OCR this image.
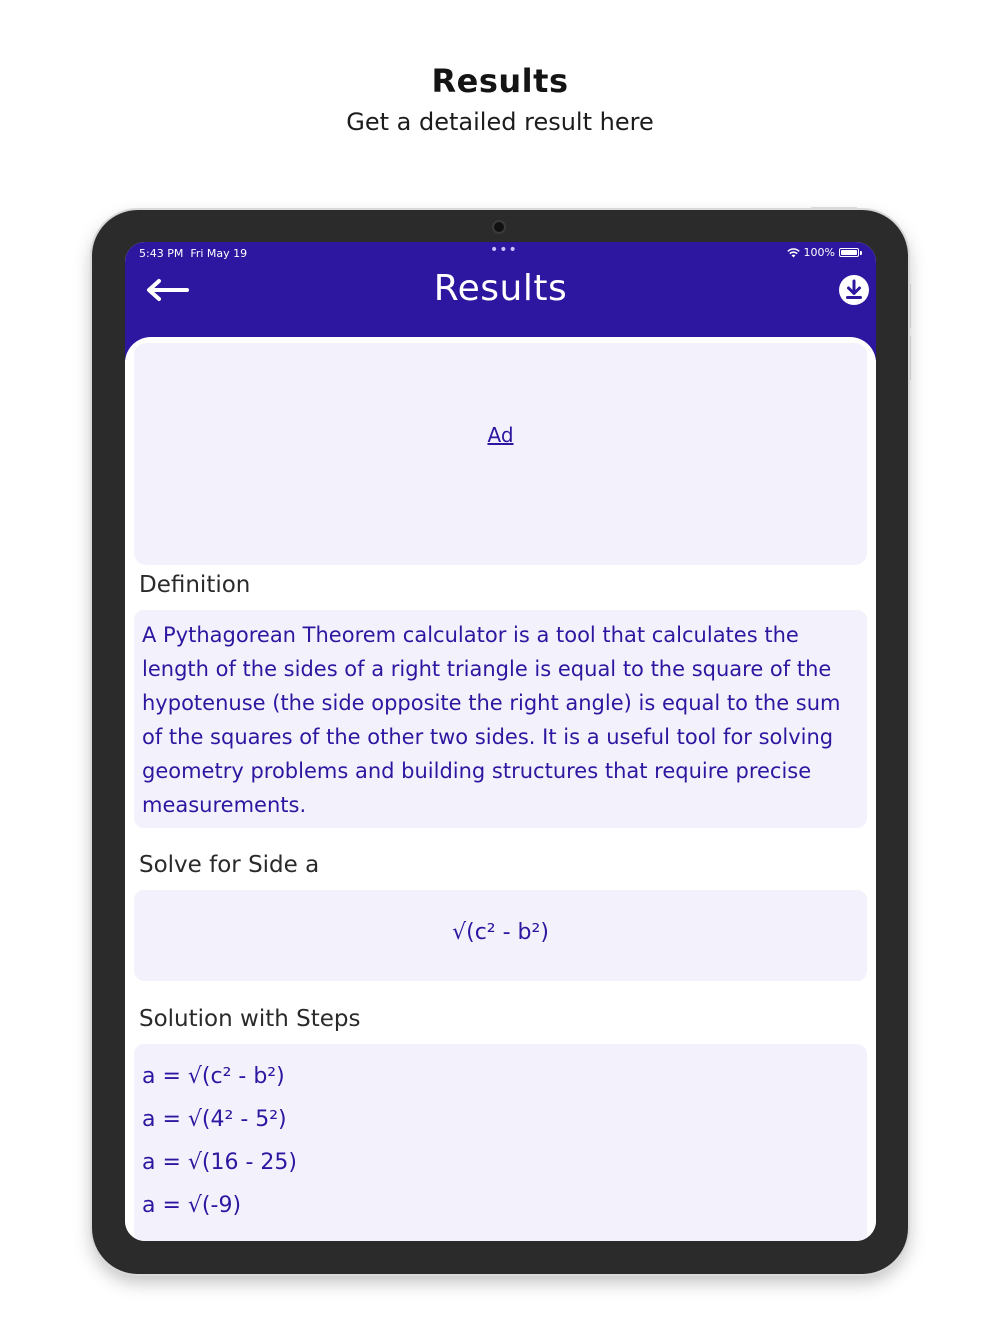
Results
Get a detailed result here
5:43 PM Fri May 19	•••	100%
Results
Ad
Definition
A Pythagorean Theorem calculator is a tool that calculates the length of the sides of a right triangle is equal to the square of the hypotenuse (the side opposite the right angle) is equal to the sum of the squares of the other two sides. It is a useful tool for solving geometry problems and building structures that require precise measurements.
Solve for Side a
√(c² - b²)
Solution with Steps
a = √(c² - b²)
a = √(4² - 5²)
a = √(16 - 25)
a = √(-9)
